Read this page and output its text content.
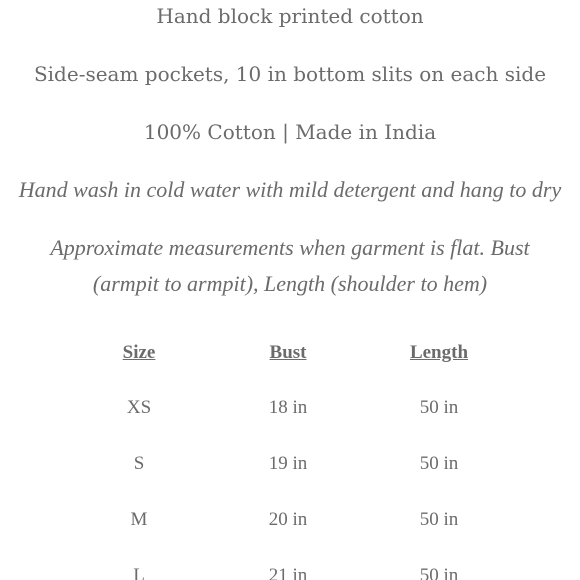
Hand block printed cotton

Side-seam pockets, 10 in bottom slits on each side

100% Cotton | Made in India

Hand wash in cold water with mild detergent and hang to dry

Approximate measurements when garment is flat. Bust (armpit to armpit), Length (shoulder to hem)

Size	Bust	Length
XS	18 in	50 in
S	19 in	50 in
M	20 in	50 in
L	21 in	50 in
